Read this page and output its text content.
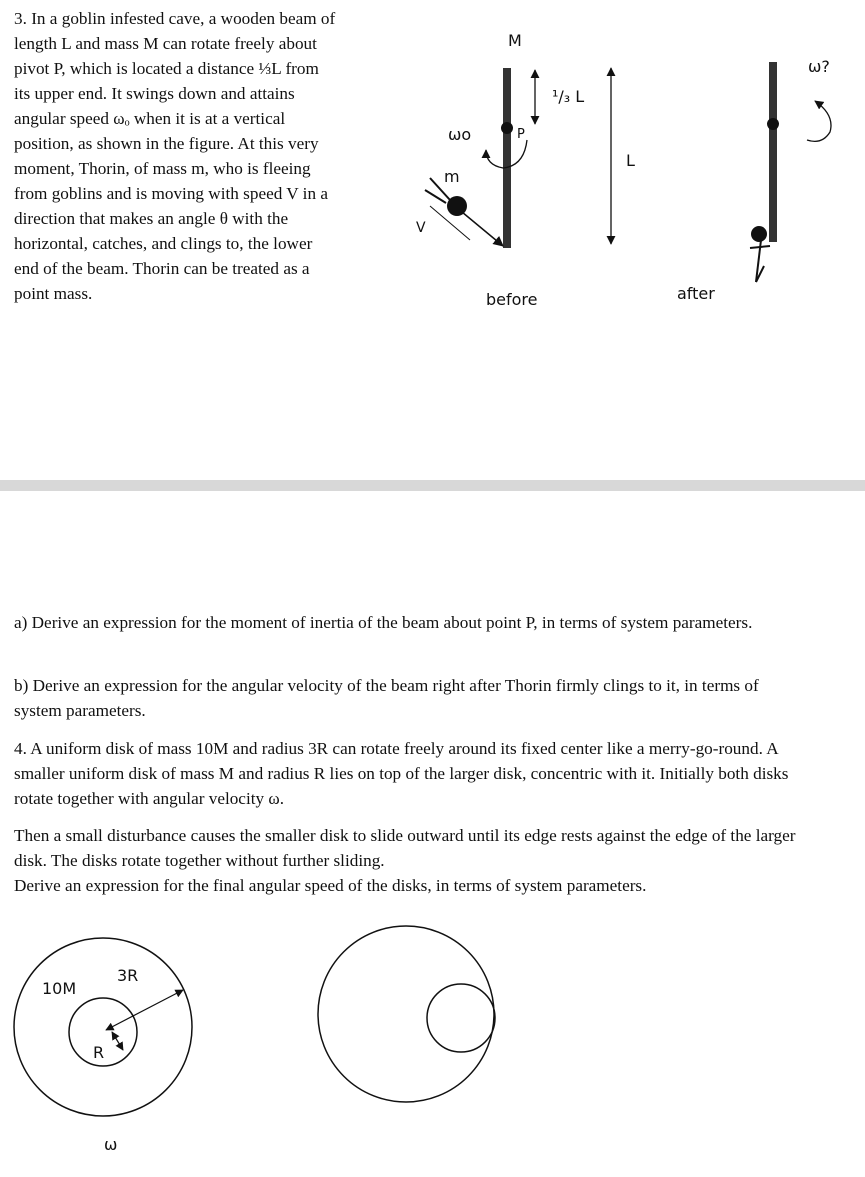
3. In a goblin infested cave, a wooden beam of
length L and mass M can rotate freely about
pivot P, which is located a distance ⅓L from
its upper end. It swings down and attains
angular speed ωₒ when it is at a vertical
position, as shown in the figure. At this very
moment, Thorin, of mass m, who is fleeing
from goblins and is moving with speed V in a
direction that makes an angle θ with the
horizontal, catches, and clings to, the lower
end of the beam. Thorin can be treated as a
point mass.
M
¹/₃ L
L
ωo	P
m
V
before	after
ω?
a) Derive an expression for the moment of inertia of the beam about point P, in terms of system parameters.
b) Derive an expression for the angular velocity of the beam right after Thorin firmly clings to it, in terms of system parameters.
4. A uniform disk of mass 10M and radius 3R can rotate freely around its fixed center like a merry-go-round. A smaller uniform disk of mass M and radius R lies on top of the larger disk, concentric with it. Initially both disks rotate together with angular velocity ω.
Then a small disturbance causes the smaller disk to slide outward until its edge rests against the edge of the larger disk. The disks rotate together without further sliding.
Derive an expression for the final angular speed of the disks, in terms of system parameters.
10M
3R
R
ω
